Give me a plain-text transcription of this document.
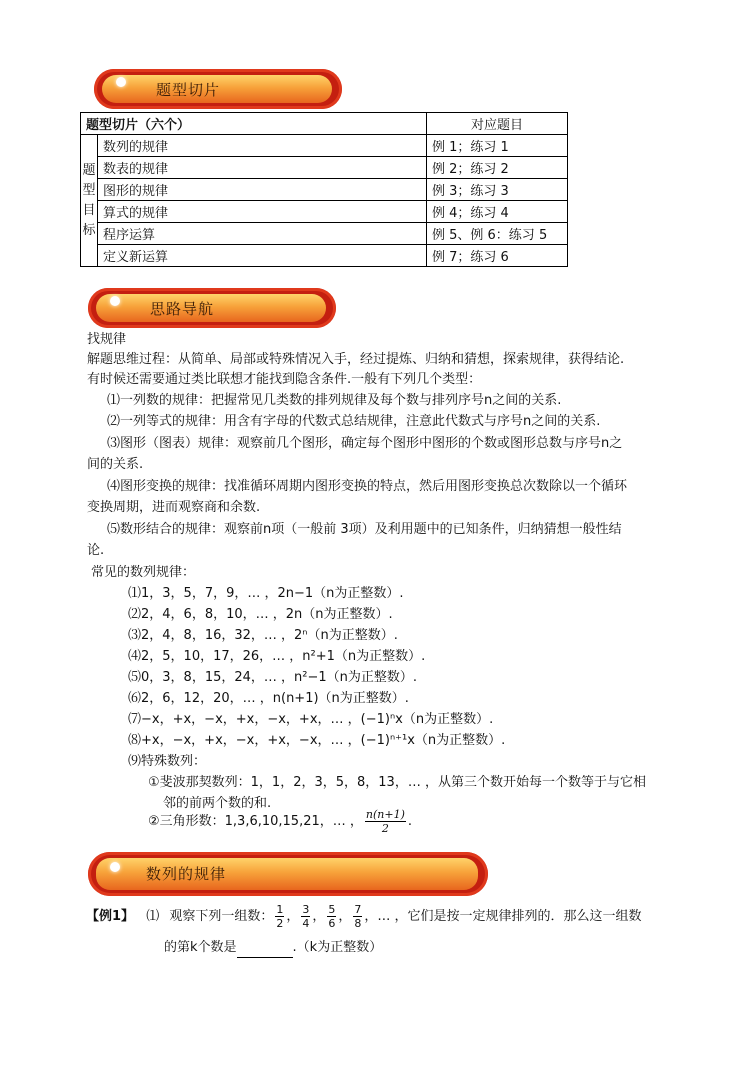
题型切片
题型切片（六个）		对应题目
题
型
目
标	数列的规律	例 1；练习 1
	数表的规律	例 2；练习 2
	图形的规律	例 3；练习 3
	算式的规律	例 4；练习 4
	程序运算	例 5、例 6：练习 5
	定义新运算	例 7；练习 6
思路导航
找规律
解题思维过程：从简单、局部或特殊情况入手，经过提炼、归纳和猜想，探索规律，获得结论.
有时候还需要通过类比联想才能找到隐含条件.一般有下列几个类型：
⑴一列数的规律：把握常见几类数的排列规律及每个数与排列序号n之间的关系.
⑵一列等式的规律：用含有字母的代数式总结规律，注意此代数式与序号n之间的关系.
⑶图形（图表）规律：观察前几个图形，确定每个图形中图形的个数或图形总数与序号n之
间的关系.
⑷图形变换的规律：找准循环周期内图形变换的特点，然后用图形变换总次数除以一个循环
变换周期，进而观察商和余数.
⑸数形结合的规律：观察前n项（一般前 3项）及利用题中的已知条件，归纳猜想一般性结
论.
常见的数列规律：
⑴1，3，5，7，9，… ，2n−1（n为正整数）.
⑵2，4，6，8，10，… ，2n（n为正整数）.
⑶2，4，8，16，32，… ，2ⁿ（n为正整数）.
⑷2，5，10，17，26，… ，n²+1（n为正整数）.
⑸0，3，8，15，24，… ，n²−1（n为正整数）.
⑹2，6，12，20，… ，n(n+1)（n为正整数）.
⑺−x，+x，−x，+x，−x，+x，… ，(−1)ⁿx（n为正整数）.
⑻+x，−x，+x，−x，+x，−x，… ，(−1)ⁿ⁺¹x（n为正整数）.
⑼特殊数列：
①斐波那契数列：1，1，2，3，5，8，13，… ，从第三个数开始每一个数等于与它相
邻的前两个数的和.
②三角形数：1,3,6,10,15,21，… ， $\frac{n(n+1)}{2}$ .
数列的规律
【例1】 ⑴ 观察下列一组数： $\frac{1}{2}$ ， $\frac{3}{4}$ ， $\frac{5}{6}$ ， $\frac{7}{8}$ ，… ，它们是按一定规律排列的．那么这一组数
的第k个数是	.（k为正整数）
